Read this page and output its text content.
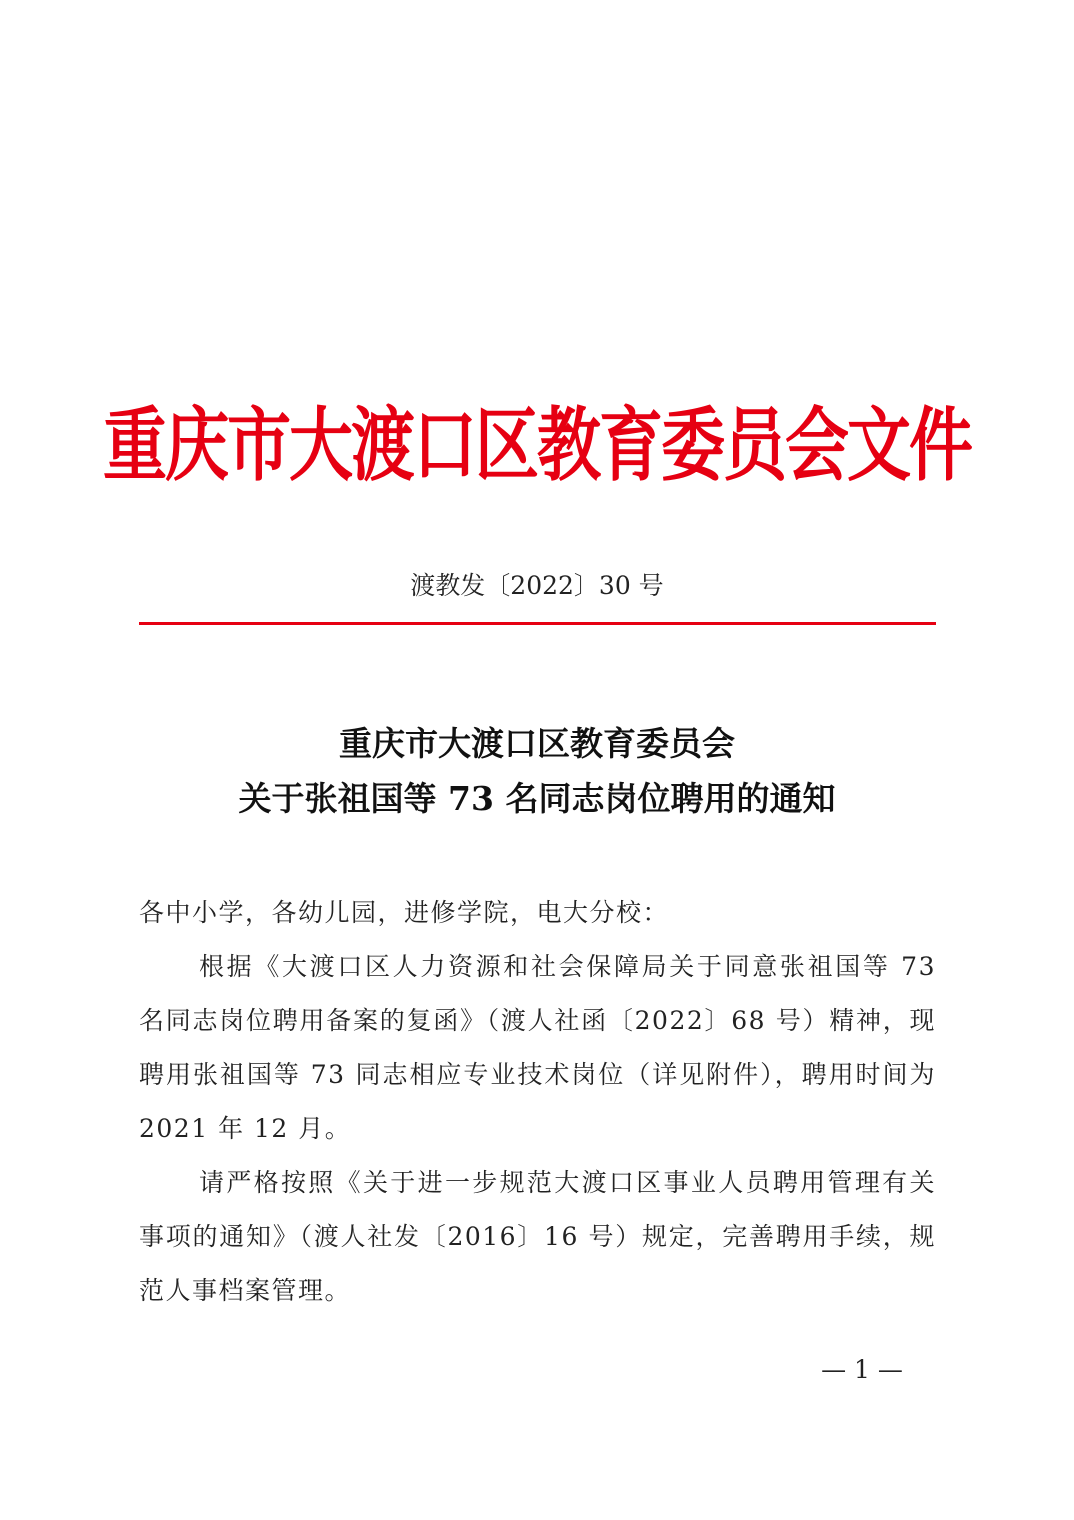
重庆市大渡口区教育委员会文件
渡教发〔2022〕30 号
重庆市大渡口区教育委员会
关于张祖国等 73 名同志岗位聘用的通知

各中小学，各幼儿园，进修学院，电大分校：

根据《大渡口区人力资源和社会保障局关于同意张祖国等 73 名同志岗位聘用备案的复函》（渡人社函〔2022〕68 号）精神，现聘用张祖国等 73 同志相应专业技术岗位（详见附件），聘用时间为 2021 年 12 月。

请严格按照《关于进一步规范大渡口区事业人员聘用管理有关事项的通知》（渡人社发〔2016〕16 号）规定，完善聘用手续，规范人事档案管理。

— 1 —
